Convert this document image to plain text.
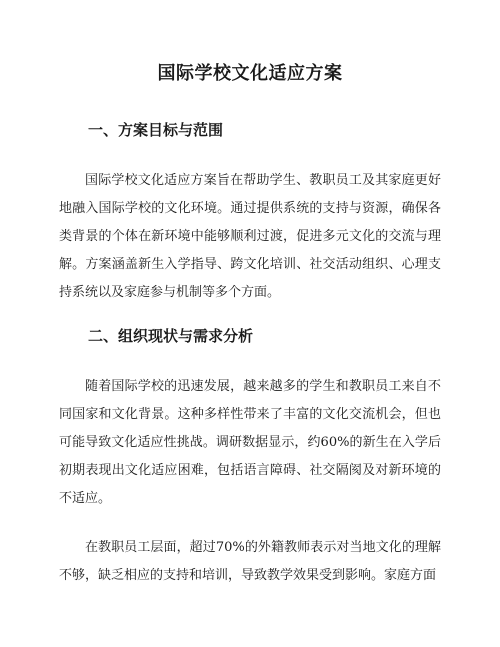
国际学校文化适应方案
一、方案目标与范围

国际学校文化适应方案旨在帮助学生、教职员工及其家庭更好地融入国际学校的文化环境。通过提供系统的支持与资源，确保各类背景的个体在新环境中能够顺利过渡，促进多元文化的交流与理解。方案涵盖新生入学指导、跨文化培训、社交活动组织、心理支持系统以及家庭参与机制等多个方面。

二、组织现状与需求分析

随着国际学校的迅速发展，越来越多的学生和教职员工来自不同国家和文化背景。这种多样性带来了丰富的文化交流机会，但也可能导致文化适应性挑战。调研数据显示，约60%的新生在入学后初期表现出文化适应困难，包括语言障碍、社交隔阂及对新环境的不适应。

在教职员工层面，超过70%的外籍教师表示对当地文化的理解不够，缺乏相应的支持和培训，导致教学效果受到影响。家庭方面
